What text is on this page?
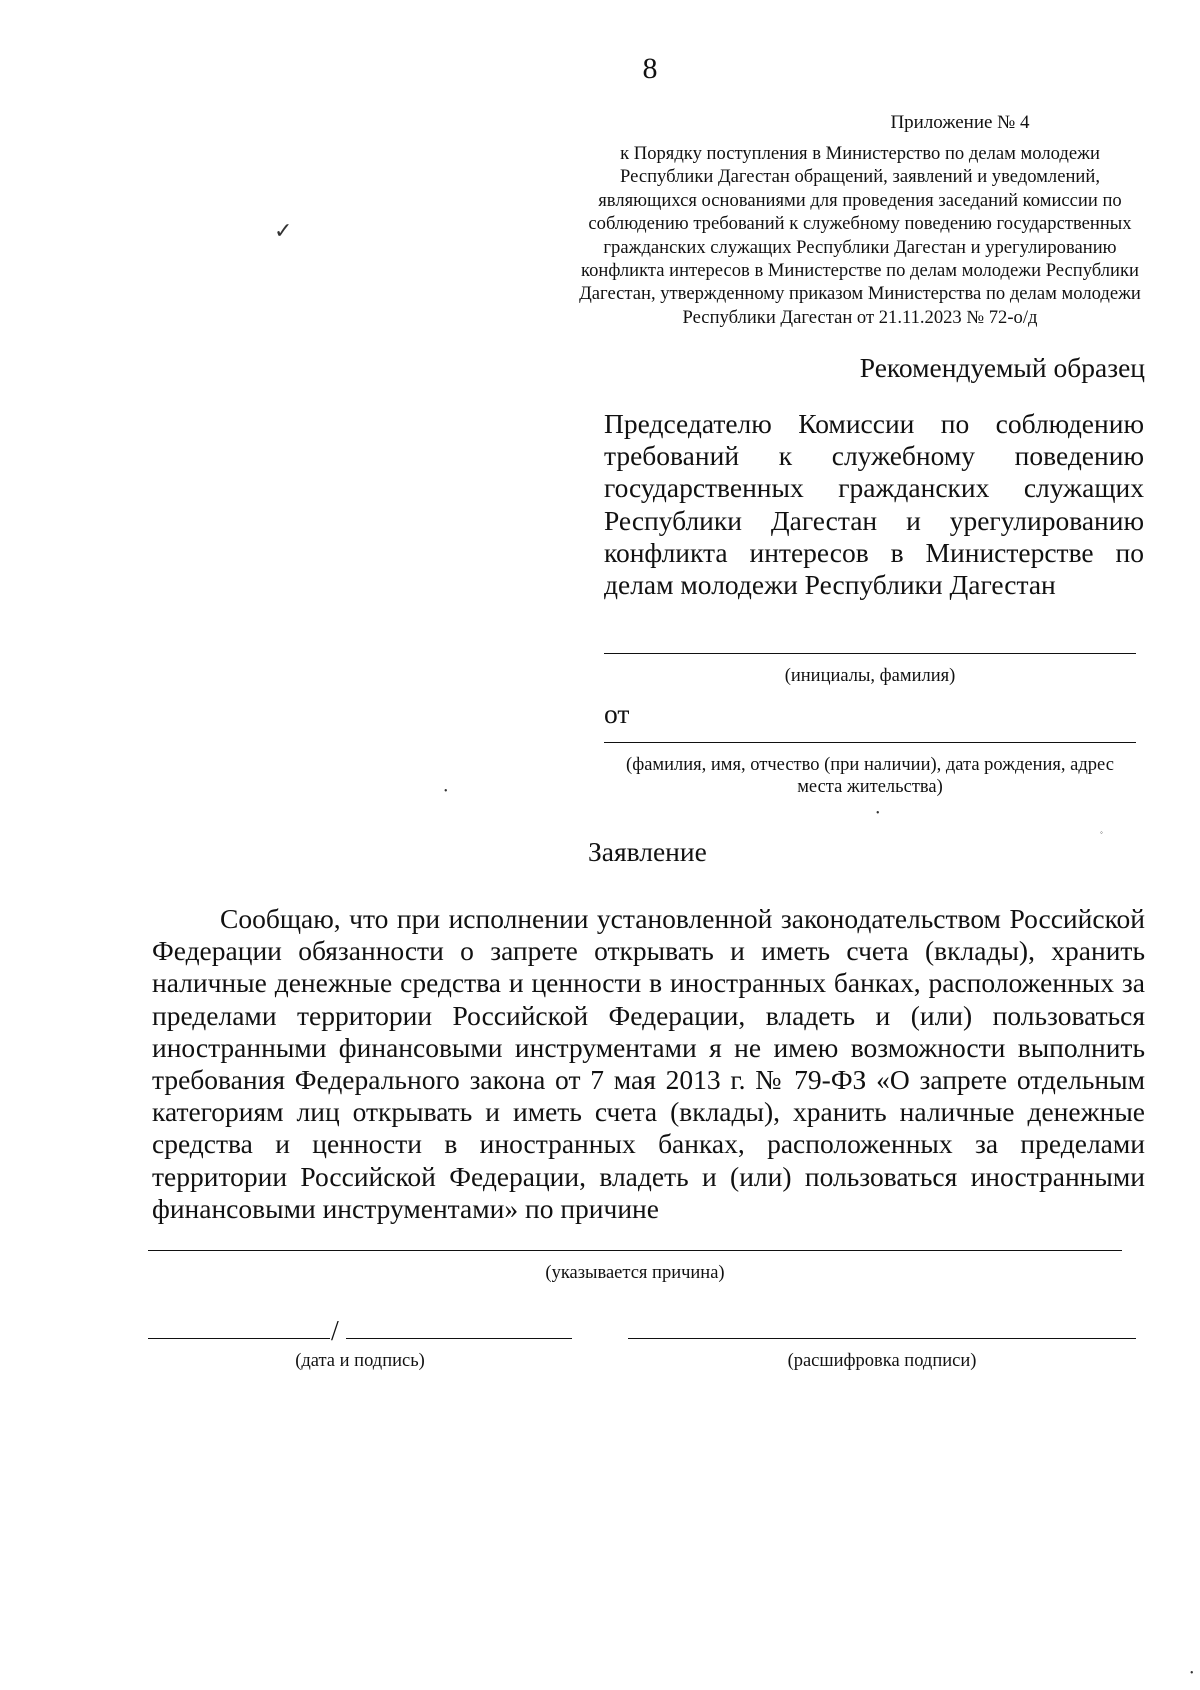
8
Приложение № 4
к Порядку поступления в Министерство по делам молодежи Республики Дагестан обращений, заявлений и уведомлений, являющихся основаниями для проведения заседаний комиссии по соблюдению требований к служебному поведению государственных гражданских служащих Республики Дагестан и урегулированию конфликта интересов в Министерстве по делам молодежи Республики Дагестан, утвержденному приказом Министерства по делам молодежи Республики Дагестан от 21.11.2023 № 72-о/д
Рекомендуемый образец
Председателю Комиссии по соблюдению требований к служебному поведению государственных гражданских служащих Республики Дагестан и урегулированию конфликта интересов в Министерстве по делам молодежи Республики Дагестан
(инициалы, фамилия)
от
(фамилия, имя, отчество (при наличии), дата рождения, адрес места жительства)
Заявление
Сообщаю, что при исполнении установленной законодательством Российской Федерации обязанности о запрете открывать и иметь счета (вклады), хранить наличные денежные средства и ценности в иностранных банках, расположенных за пределами территории Российской Федерации, владеть и (или) пользоваться иностранными финансовыми инструментами я не имею возможности выполнить требования Федерального закона от 7 мая 2013 г. № 79-ФЗ «О запрете отдельным категориям лиц открывать и иметь счета (вклады), хранить наличные денежные средства и ценности в иностранных банках, расположенных за пределами территории Российской Федерации, владеть и (или) пользоваться иностранными финансовыми инструментами» по причине
(указывается причина)
/
(дата и подпись)	(расшифровка подписи)
✓
•
•
◦
•
